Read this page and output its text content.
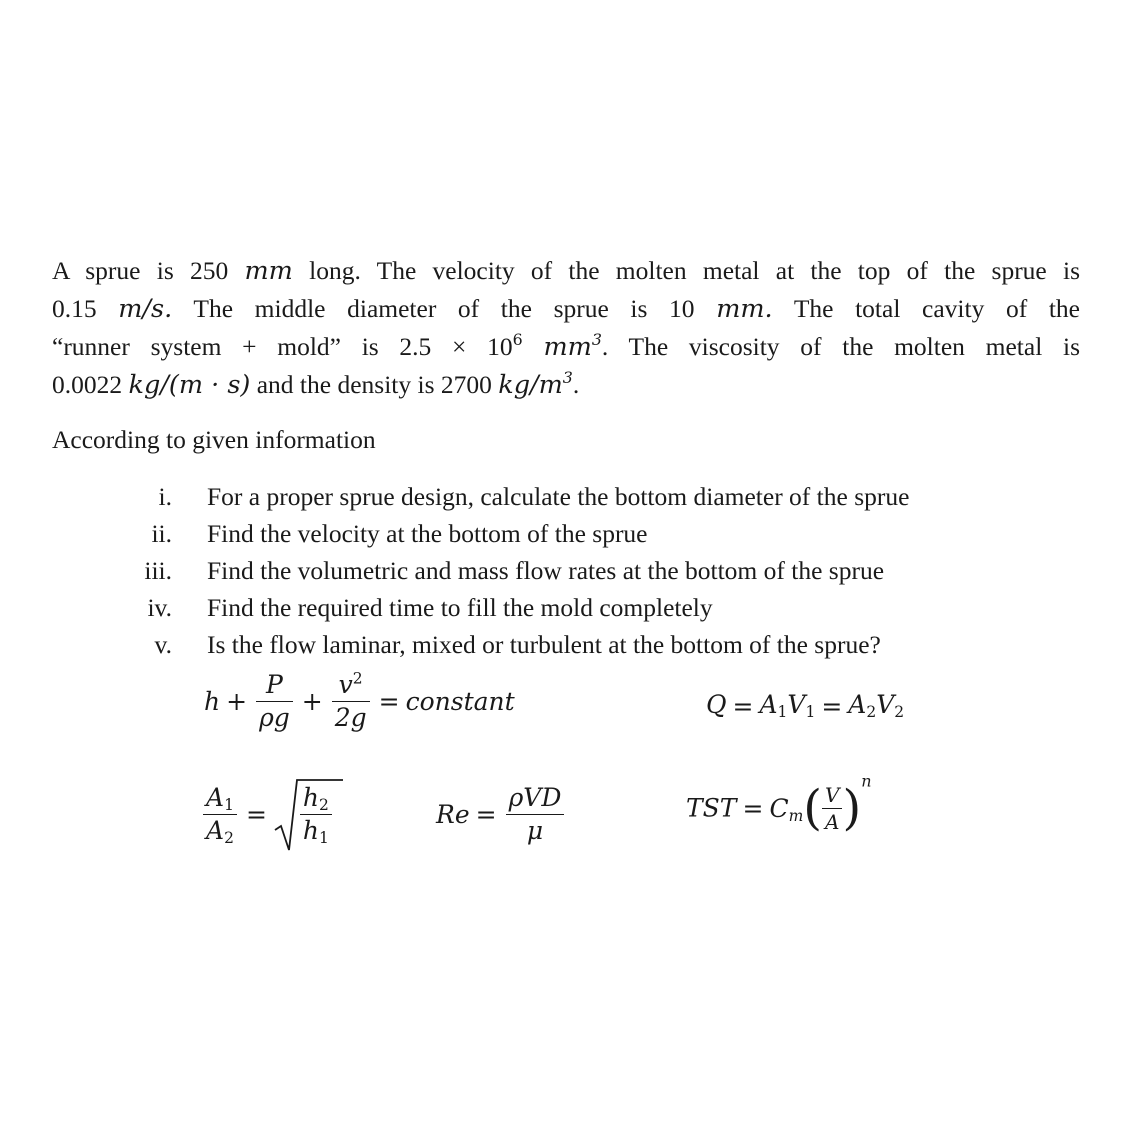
A sprue is 250 mm long. The velocity of the molten metal at the top of the sprue is
0.15 m/s. The middle diameter of the sprue is 10 mm. The total cavity of the
“runner system + mold” is $2.5 \times 10^6$ $mm^3$. The viscosity of the molten metal is
0.0022 kg/(m · s) and the density is 2700 $kg/m^3$.
According to given information
i. For a proper sprue design, calculate the bottom diameter of the sprue
ii. Find the velocity at the bottom of the sprue
iii. Find the volumetric and mass flow rates at the bottom of the sprue
iv. Find the required time to fill the mold completely
v. Is the flow laminar, mixed or turbulent at the bottom of the sprue?
$h + \frac{P}{\rho g} + \frac{v^2}{2g}$ = constant	$Q = A_1V_1 = A_2V_2$
$\frac{A_1}{A_2} = \frac{h_2}{h_1}$	$Re = \frac{\text{ρVD}}{\mu}$	TST = $C_m( \frac{V}{A} )^n$
